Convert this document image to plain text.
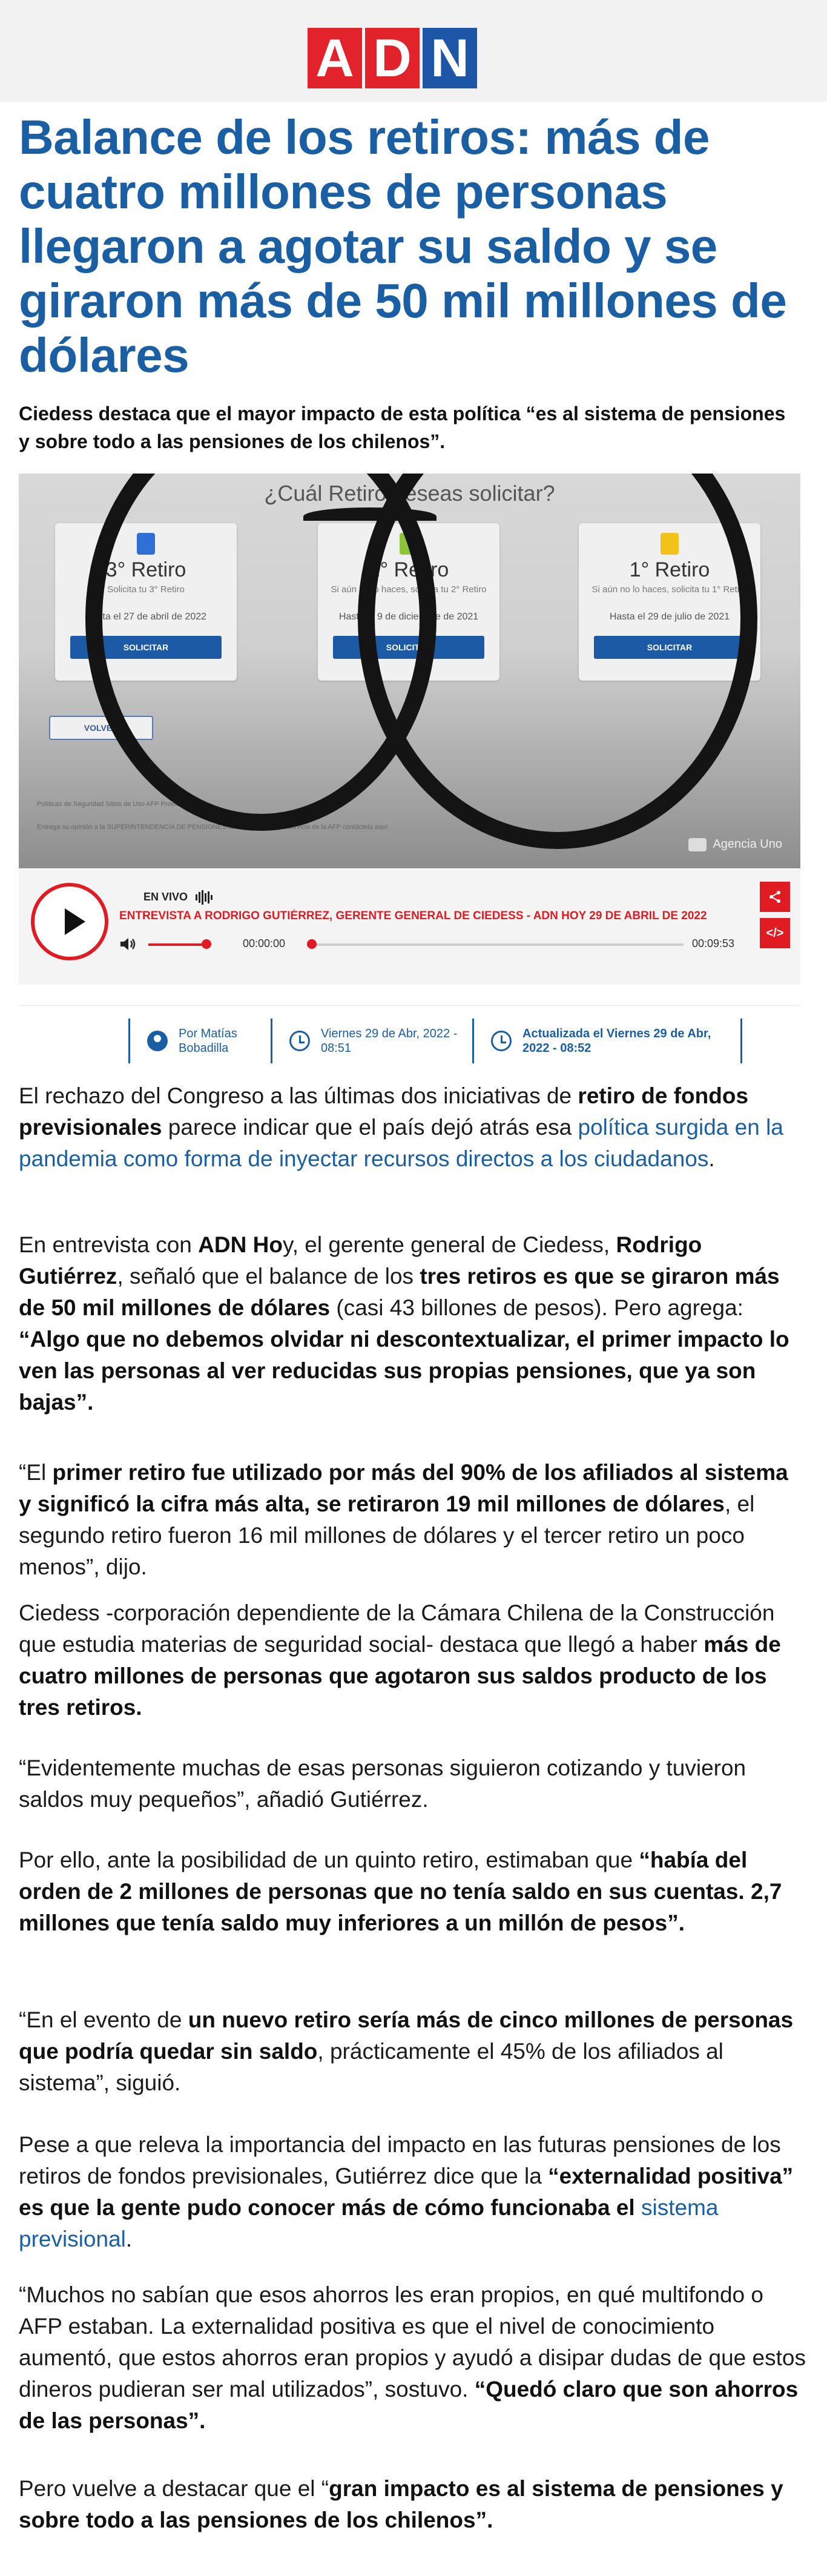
A D N
Balance de los retiros: más de cuatro millones de personas llegaron a agotar su saldo y se giraron más de 50 mil millones de dólares

Ciedess destaca que el mayor impacto de esta política “es al sistema de pensiones y sobre todo a las pensiones de los chilenos”.

¿Cuál Retiro deseas solicitar?
3° Retiro
Solicita tu 3° Retiro
Hasta el 27 de abril de 2022
SOLICITAR
2° Retiro
Si aún no lo haces, solicita tu 2° Retiro
Hasta el 9 de diciembre de 2021
SOLICITAR
1° Retiro
Si aún no lo haces, solicita tu 1° Retiro
Hasta el 29 de julio de 2021
SOLICITAR
VOLVER
Políticas de Seguridad Sitios de Uso AFP Provida S.A.
Entrega su opinión a la SUPERINTENDENCIA DE PENSIONES sobre la calidad del servicio de la AFP contáctela aquí
Agencia Uno
EN VIVO
ENTREVISTA A RODRIGO GUTIÉRREZ, GERENTE GENERAL DE CIEDESS - ADN HOY 29 DE ABRIL DE 2022
00:00:00	00:09:53
</>
Por Matías Bobadilla
Viernes 29 de Abr, 2022 - 08:51
Actualizada el Viernes 29 de Abr, 2022 - 08:52

El rechazo del Congreso a las últimas dos iniciativas de retiro de fondos previsionales parece indicar que el país dejó atrás esa política surgida en la pandemia como forma de inyectar recursos directos a los ciudadanos.

En entrevista con ADN Hoy, el gerente general de Ciedess, Rodrigo Gutiérrez, señaló que el balance de los tres retiros es que se giraron más de 50 mil millones de dólares (casi 43 billones de pesos). Pero agrega: “Algo que no debemos olvidar ni descontextualizar, el primer impacto lo ven las personas al ver reducidas sus propias pensiones, que ya son bajas”.

“El primer retiro fue utilizado por más del 90% de los afiliados al sistema y significó la cifra más alta, se retiraron 19 mil millones de dólares, el segundo retiro fueron 16 mil millones de dólares y el tercer retiro un poco menos”, dijo.

Ciedess -corporación dependiente de la Cámara Chilena de la Construcción que estudia materias de seguridad social- destaca que llegó a haber más de cuatro millones de personas que agotaron sus saldos producto de los tres retiros.

“Evidentemente muchas de esas personas siguieron cotizando y tuvieron saldos muy pequeños”, añadió Gutiérrez.

Por ello, ante la posibilidad de un quinto retiro, estimaban que “había del orden de 2 millones de personas que no tenía saldo en sus cuentas. 2,7 millones que tenía saldo muy inferiores a un millón de pesos”.

“En el evento de un nuevo retiro sería más de cinco millones de personas que podría quedar sin saldo, prácticamente el 45% de los afiliados al sistema”, siguió.

Pese a que releva la importancia del impacto en las futuras pensiones de los retiros de fondos previsionales, Gutiérrez dice que la “externalidad positiva” es que la gente pudo conocer más de cómo funcionaba el sistema previsional.

“Muchos no sabían que esos ahorros les eran propios, en qué multifondo o AFP estaban. La externalidad positiva es que el nivel de conocimiento aumentó, que estos ahorros eran propios y ayudó a disipar dudas de que estos dineros pudieran ser mal utilizados”, sostuvo. “Quedó claro que son ahorros de las personas”.

Pero vuelve a destacar que el “gran impacto es al sistema de pensiones y sobre todo a las pensiones de los chilenos”.
